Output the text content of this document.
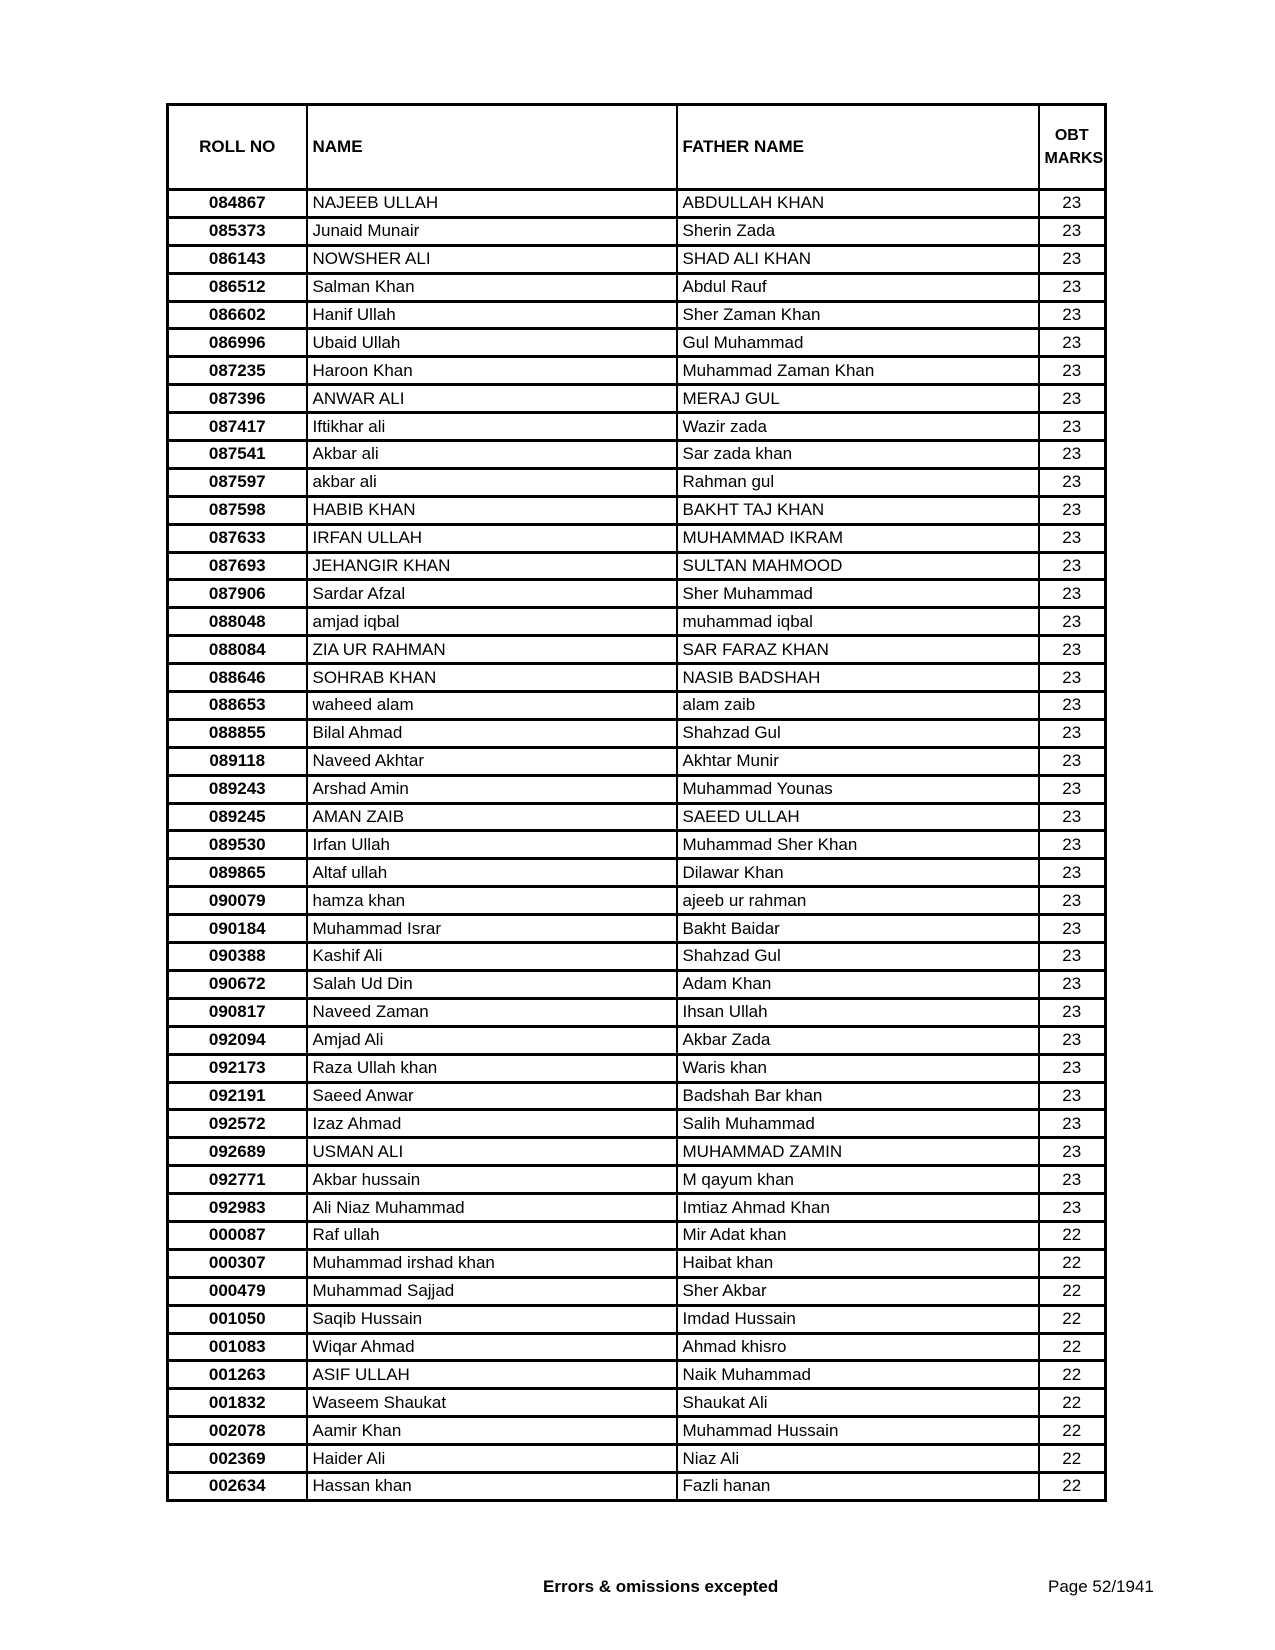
ROLL NO	NAME	FATHER NAME	OBT MARKS
084867	NAJEEB ULLAH	ABDULLAH KHAN	23
085373	Junaid Munair	Sherin Zada	23
086143	NOWSHER ALI	SHAD ALI KHAN	23
086512	Salman Khan	Abdul Rauf	23
086602	Hanif Ullah	Sher Zaman Khan	23
086996	Ubaid Ullah	Gul Muhammad	23
087235	Haroon Khan	Muhammad Zaman Khan	23
087396	ANWAR ALI	MERAJ GUL	23
087417	Iftikhar ali	Wazir zada	23
087541	Akbar ali	Sar zada khan	23
087597	akbar ali	Rahman gul	23
087598	HABIB KHAN	BAKHT TAJ KHAN	23
087633	IRFAN ULLAH	MUHAMMAD IKRAM	23
087693	JEHANGIR KHAN	SULTAN MAHMOOD	23
087906	Sardar Afzal	Sher Muhammad	23
088048	amjad iqbal	muhammad iqbal	23
088084	ZIA UR RAHMAN	SAR FARAZ KHAN	23
088646	SOHRAB KHAN	NASIB BADSHAH	23
088653	waheed alam	alam zaib	23
088855	Bilal Ahmad	Shahzad Gul	23
089118	Naveed Akhtar	Akhtar Munir	23
089243	Arshad Amin	Muhammad Younas	23
089245	AMAN ZAIB	SAEED ULLAH	23
089530	Irfan Ullah	Muhammad Sher Khan	23
089865	Altaf ullah	Dilawar Khan	23
090079	hamza khan	ajeeb ur rahman	23
090184	Muhammad Israr	Bakht Baidar	23
090388	Kashif Ali	Shahzad Gul	23
090672	Salah Ud Din	Adam Khan	23
090817	Naveed Zaman	Ihsan Ullah	23
092094	Amjad Ali	Akbar Zada	23
092173	Raza Ullah khan	Waris khan	23
092191	Saeed Anwar	Badshah Bar khan	23
092572	Izaz Ahmad	Salih Muhammad	23
092689	USMAN ALI	MUHAMMAD ZAMIN	23
092771	Akbar hussain	M qayum khan	23
092983	Ali Niaz Muhammad	Imtiaz Ahmad Khan	23
000087	Raf ullah	Mir Adat khan	22
000307	Muhammad irshad khan	Haibat khan	22
000479	Muhammad Sajjad	Sher Akbar	22
001050	Saqib Hussain	Imdad Hussain	22
001083	Wiqar Ahmad	Ahmad khisro	22
001263	ASIF ULLAH	Naik Muhammad	22
001832	Waseem Shaukat	Shaukat Ali	22
002078	Aamir Khan	Muhammad Hussain	22
002369	Haider Ali	Niaz Ali	22
002634	Hassan khan	Fazli hanan	22
Errors & omissions excepted	Page 52/1941
